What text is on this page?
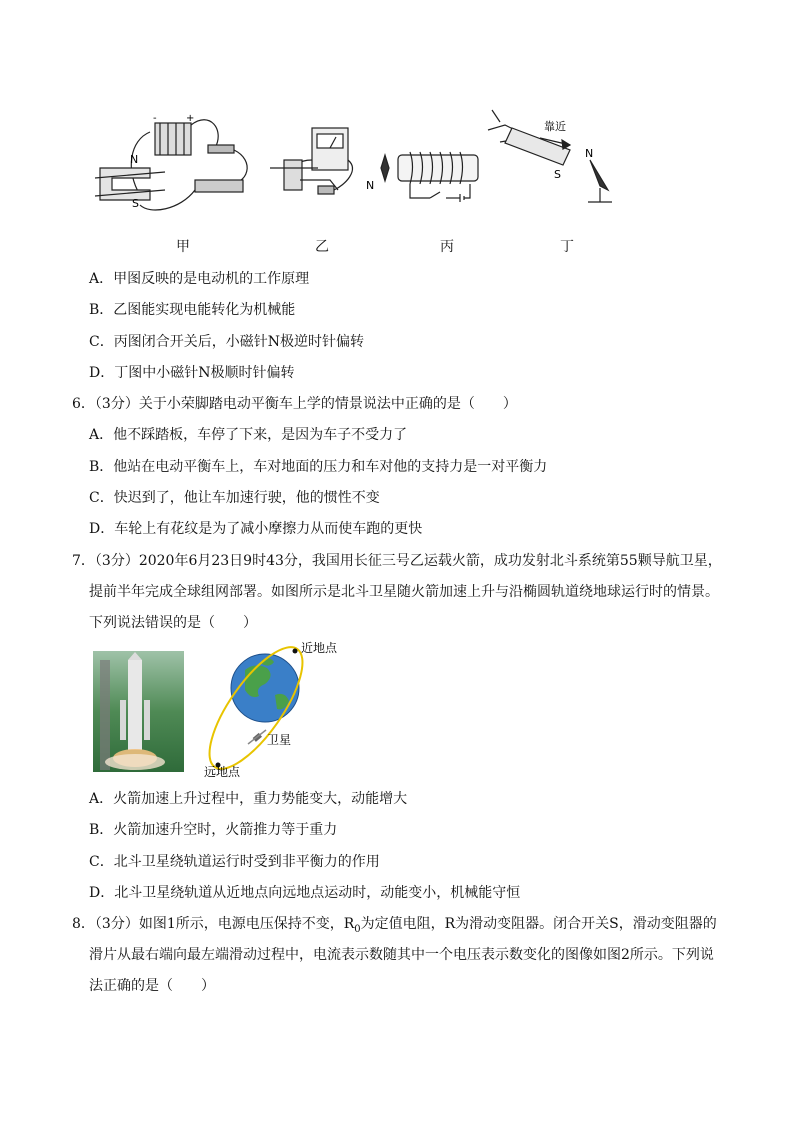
N
S
+
-
N
靠近
S
N
甲	乙	丙	丁
A．甲图反映的是电动机的工作原理
B．乙图能实现电能转化为机械能
C．丙图闭合开关后，小磁针N极逆时针偏转
D．丁图中小磁针N极顺时针偏转
6．（3分）关于小荣脚踏电动平衡车上学的情景说法中正确的是（　　）
A．他不踩踏板，车停了下来，是因为车子不受力了
B．他站在电动平衡车上，车对地面的压力和车对他的支持力是一对平衡力
C．快迟到了，他让车加速行驶，他的惯性不变
D．车轮上有花纹是为了减小摩擦力从而使车跑的更快
7．（3分）2020年6月23日9时43分，我国用长征三号乙运载火箭，成功发射北斗系统第55颗导航卫星，
提前半年完成全球组网部署。如图所示是北斗卫星随火箭加速上升与沿椭圆轨道绕地球运行时的情景。
下列说法错误的是（　　）
近地点
卫星
远地点
A．火箭加速上升过程中，重力势能变大，动能增大
B．火箭加速升空时，火箭推力等于重力
C．北斗卫星绕轨道运行时受到非平衡力的作用
D．北斗卫星绕轨道从近地点向远地点运动时，动能变小，机械能守恒
8．（3分）如图1所示，电源电压保持不变，$R_0$为定值电阻，R为滑动变阻器。闭合开关S，滑动变阻器的
滑片从最右端向最左端滑动过程中，电流表示数随其中一个电压表示数变化的图像如图2所示。下列说
法正确的是（　　）
